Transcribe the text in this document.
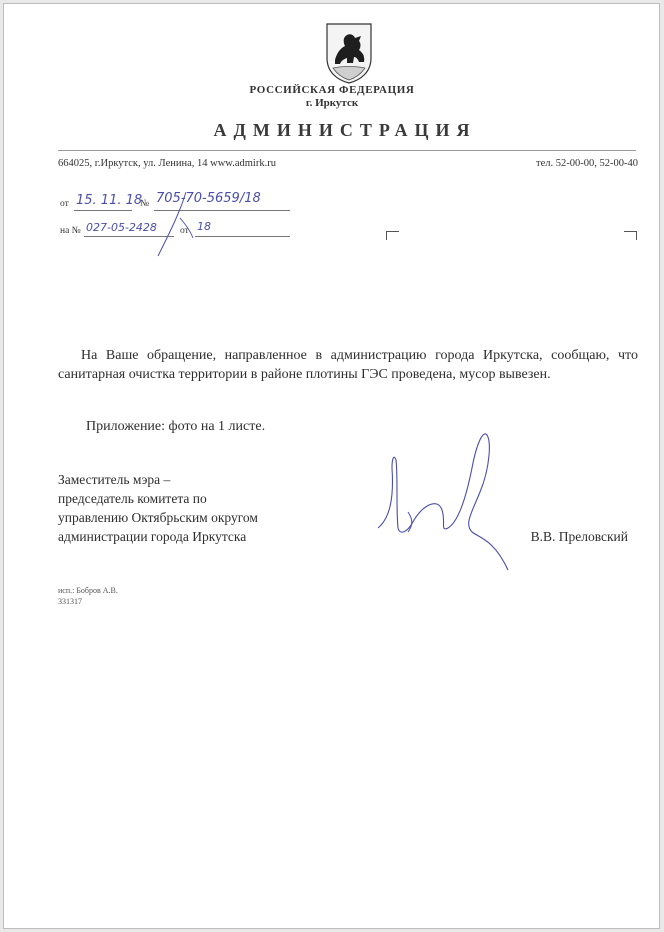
РОССИЙСКАЯ ФЕДЕРАЦИЯ
г. Иркутск
АДМИНИСТРАЦИЯ
664025, г.Иркутск, ул. Ленина, 14 www.admirk.ru	тел. 52-00-00, 52-00-40
от 15. 11. 18
№ 705-70-5659/18
на № 027-05-2428 от 18
На Ваше обращение, направленное в администрацию города Иркутска, сообщаю, что санитарная очистка территории в районе плотины ГЭС проведена, мусор вывезен.
Приложение: фото на 1 листе.
Заместитель мэра –
председатель комитета по
управлению Октябрьским округом
администрации города Иркутска	В.В. Преловский
исп.: Бобров А.В.
331317
